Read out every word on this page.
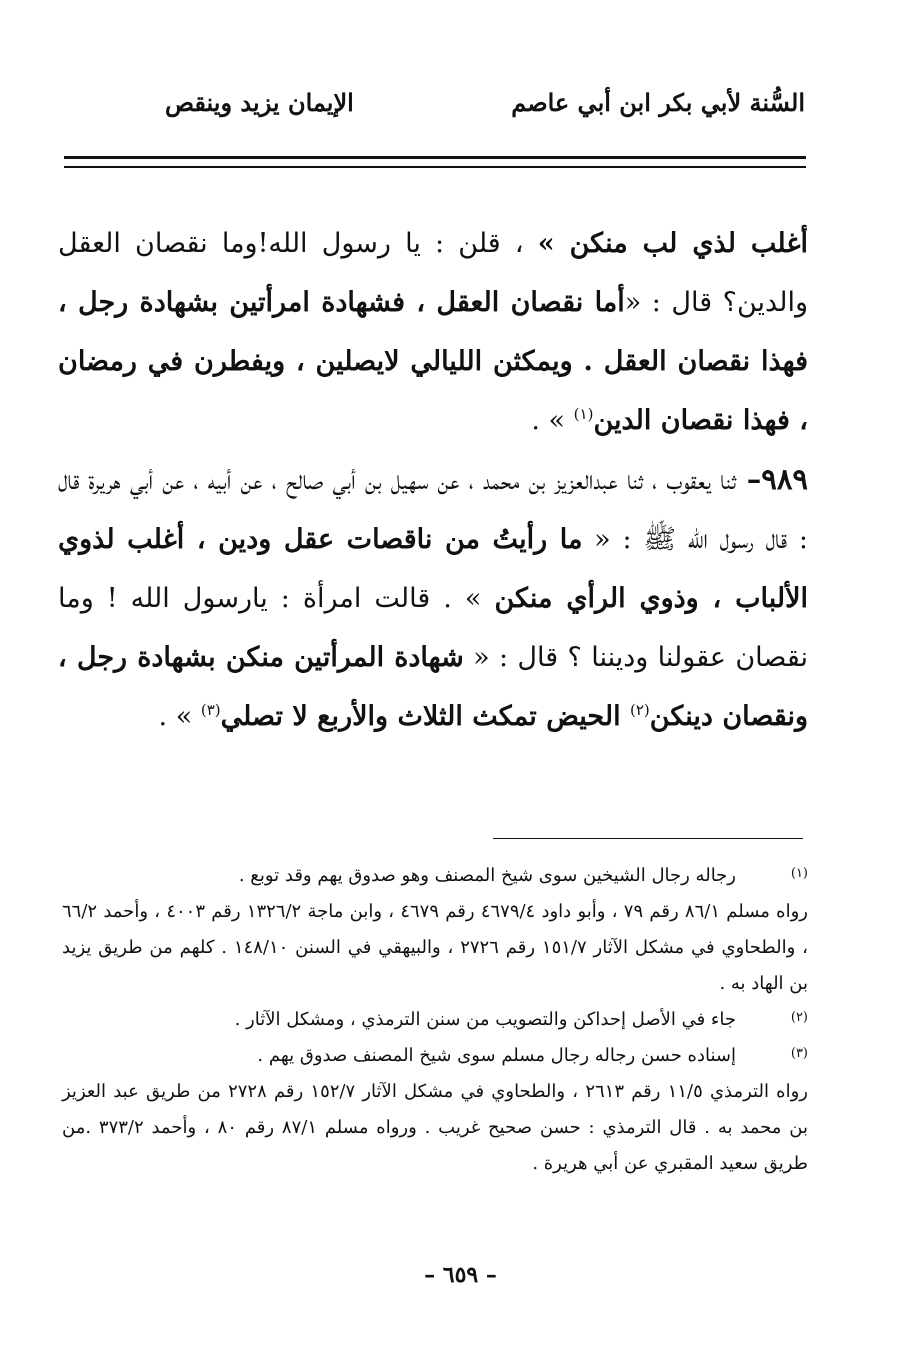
السُّنة لأبي بكر ابن أبي عاصم
الإيمان يزيد وينقص

أغلب لذي لب منكن » ، قلن : يا رسول الله!وما نقصان العقل والدين؟ قال : «أما نقصان العقل ، فشهادة امرأتين بشهادة رجل ، فهذا نقصان العقل . ويمكثن الليالي لايصلين ، ويفطرن في رمضان ، فهذا نقصان الدين$^{(١)}$ » .

٩٨٩– ثنا يعقوب ، ثنا عبدالعزيز بن محمد ، عن سهيل بن أبي صالح ، عن أبيه ، عن أبي هريرة قال : قال رسول الله ﷺ : « ما رأيتُ من ناقصات عقل ودين ، أغلب لذوي الألباب ، وذوي الرأي منكن » . قالت امرأة : يارسول الله ! وما نقصان عقولنا وديننا ؟ قال : « شهادة المرأتين منكن بشهادة رجل ، ونقصان دينكن$^{(٢)}$ الحيض تمكث الثلاث والأربع لا تصلي$^{(٣)}$ » .

(١)
رجاله رجال الشيخين سوى شيخ المصنف وهو صدوق يهم وقد توبع .
رواه مسلم ٨٦/١ رقم ٧٩ ، وأبو داود ٤٦٧٩/٤ رقم ٤٦٧٩ ، وابن ماجة ١٣٢٦/٢ رقم ٤٠٠٣ ، وأحمد ٦٦/٢ ، والطحاوي في مشكل الآثار ١٥١/٧ رقم ٢٧٢٦ ، والبيهقي في السنن ١٤٨/١٠ . كلهم من طريق يزيد بن الهاد به .
(٢)
جاء في الأصل إحداكن والتصويب من سنن الترمذي ، ومشكل الآثار .
(٣)
إسناده حسن رجاله رجال مسلم سوى شيخ المصنف صدوق يهم .
رواه الترمذي ١١/٥ رقم ٢٦١٣ ، والطحاوي في مشكل الآثار ١٥٢/٧ رقم ٢٧٢٨ من طريق عبد العزيز بن محمد به . قال الترمذي : حسن صحيح غريب . ورواه مسلم ٨٧/١ رقم ٨٠ ، وأحمد ٣٧٣/٢ .من طريق سعيد المقبري عن أبي هريرة .
– ٦٥٩ –
